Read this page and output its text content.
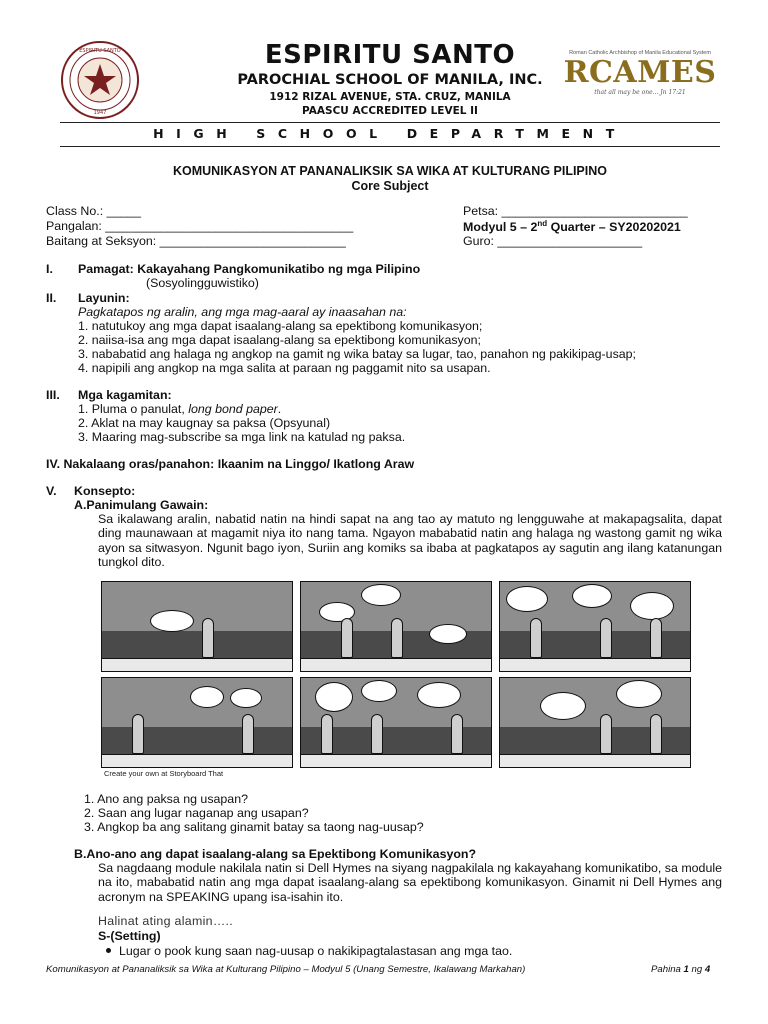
ESPIRITU SANTO
1947
ESPIRITU SANTO
PAROCHIAL SCHOOL OF MANILA, INC.
1912 RIZAL AVENUE, STA. CRUZ, MANILA
PAASCU ACCREDITED LEVEL II
Roman Catholic Archbishop of Manila Educational System
RCAMES
that all may be one... Jn 17:21
HIGH SCHOOL DEPARTMENT
KOMUNIKASYON AT PANANALIKSIK SA WIKA AT KULTURANG PILIPINO
Core Subject
Class No.: _____
Pangalan: ____________________________________
Baitang at Seksyon: ___________________________
Petsa: ___________________________
Modyul 5 – 2nd Quarter – SY20202021
Guro: _____________________
I. Pamagat: Kakayahang Pangkomunikatibo ng mga Pilipino
(Sosyolingguwistiko)
II. Layunin:
Pagkatapos ng aralin, ang mga mag-aaral ay inaasahan na:
1. natutukoy ang mga dapat isaalang-alang sa epektibong komunikasyon;
2. naiisa-isa ang mga dapat isaalang-alang sa epektibong komunikasyon;
3. nababatid ang halaga ng angkop na gamit ng wika batay sa lugar, tao, panahon ng pakikipag-usap;
4. napipili ang angkop na mga salita at paraan ng paggamit nito sa usapan.
III. Mga kagamitan:
1. Pluma o panulat, long bond paper.
2. Aklat na may kaugnay sa paksa (Opsyunal)
3. Maaring mag-subscribe sa mga link na katulad ng paksa.
IV. Nakalaang oras/panahon: Ikaanim na Linggo/ Ikatlong Araw
V. Konsepto:
A.Panimulang Gawain:
Sa ikalawang aralin, nabatid natin na hindi sapat na ang tao ay matuto ng lengguwahe at makapagsalita, dapat ding maunawaan at magamit niya ito nang tama. Ngayon mababatid natin ang halaga ng wastong gamit ng wika ayon sa sitwasyon. Ngunit bago iyon, Suriin ang komiks sa ibaba at pagkatapos ay sagutin ang ilang katanungan tungkol dito.
Create your own at Storyboard That
1. Ano ang paksa ng usapan?
2. Saan ang lugar naganap ang usapan?
3. Angkop ba ang salitang ginamit batay sa taong nag-uusap?
B.Ano-ano ang dapat isaalang-alang sa Epektibong Komunikasyon?
Sa nagdaang module nakilala natin si Dell Hymes na siyang nagpakilala ng kakayahang komunikatibo, sa module na ito, mababatid natin ang mga dapat isaalang-alang sa epektibong komunikasyon. Ginamit ni Dell Hymes ang acronym na SPEAKING upang isa-isahin ito.
Halinat ating alamin…..
S-(Setting)
Lugar o pook kung saan nag-uusap o nakikipagtalastasan ang mga tao.
Komunikasyon at Pananaliksik sa Wika at Kulturang Pilipino – Modyul 5 (Unang Semestre, Ikalawang Markahan)	Pahina 1 ng 4
